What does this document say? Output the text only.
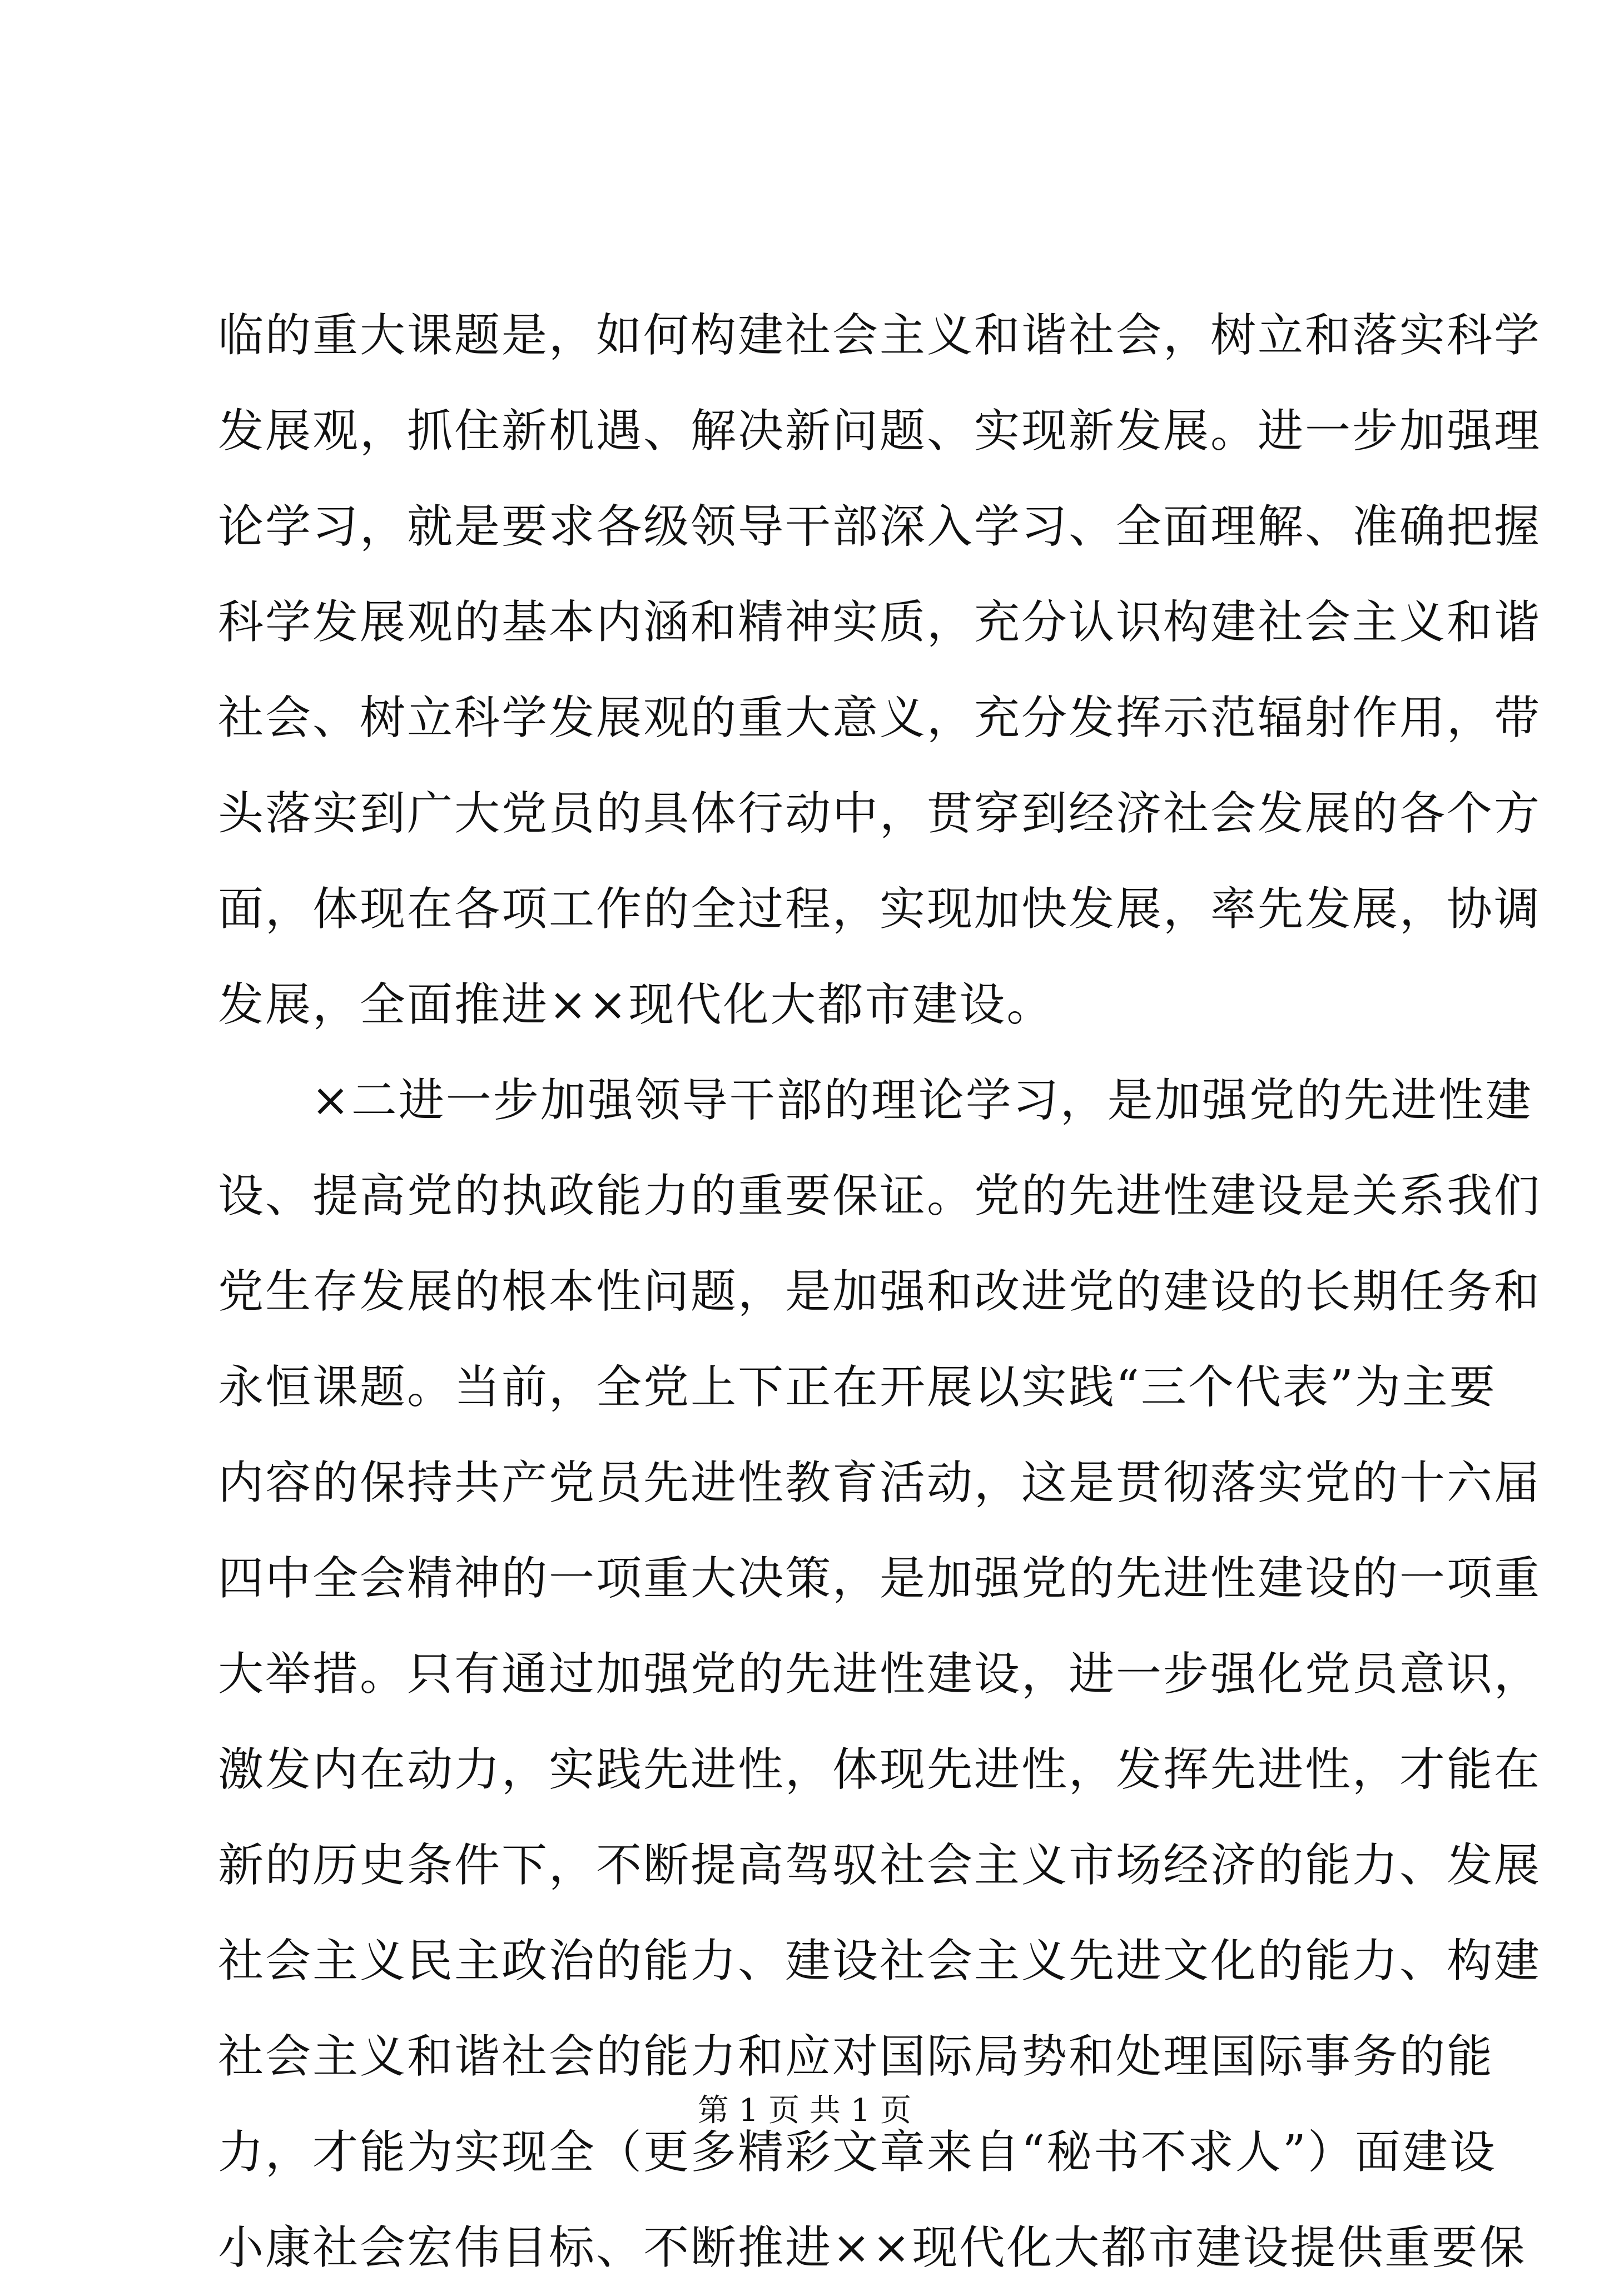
临的重大课题是，如何构建社会主义和谐社会，树立和落实科学
发展观，抓住新机遇、解决新问题、实现新发展。进一步加强理
论学习，就是要求各级领导干部深入学习、全面理解、准确把握
科学发展观的基本内涵和精神实质，充分认识构建社会主义和谐
社会、树立科学发展观的重大意义，充分发挥示范辐射作用，带
头落实到广大党员的具体行动中，贯穿到经济社会发展的各个方
面，体现在各项工作的全过程，实现加快发展，率先发展，协调
发展，全面推进××现代化大都市建设。
×二进一步加强领导干部的理论学习，是加强党的先进性建
设、提高党的执政能力的重要保证。党的先进性建设是关系我们
党生存发展的根本性问题，是加强和改进党的建设的长期任务和
永恒课题。当前，全党上下正在开展以实践“三个代表”为主要
内容的保持共产党员先进性教育活动，这是贯彻落实党的十六届
四中全会精神的一项重大决策，是加强党的先进性建设的一项重
大举措。只有通过加强党的先进性建设，进一步强化党员意识，
激发内在动力，实践先进性，体现先进性，发挥先进性，才能在
新的历史条件下，不断提高驾驭社会主义市场经济的能力、发展
社会主义民主政治的能力、建设社会主义先进文化的能力、构建
社会主义和谐社会的能力和应对国际局势和处理国际事务的能
力，才能为实现全（更多精彩文章来自“秘书不求人”）面建设
小康社会宏伟目标、不断推进××现代化大都市建设提供重要保
第 1 页 共 1 页
